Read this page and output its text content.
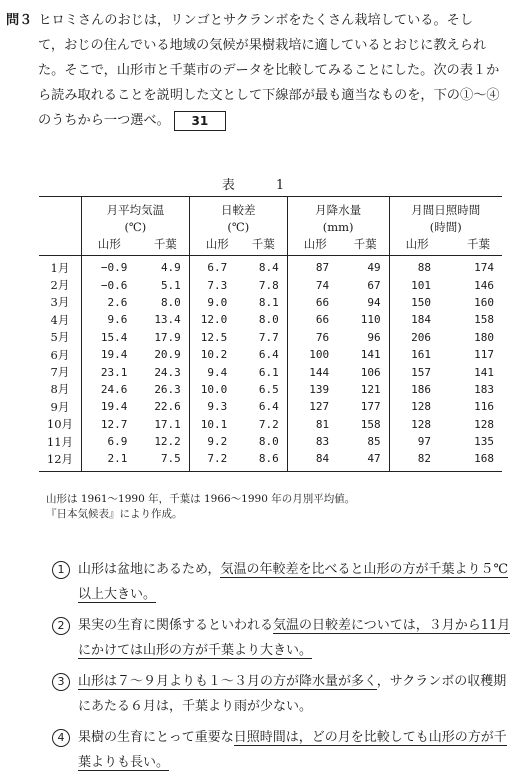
問３ ヒロミさんのおじは，リンゴとサクランボをたくさん栽培している。そし
て，おじの住んでいる地域の気候が果樹栽培に適しているとおじに教えられ
た。そこで，山形市と千葉市のデータを比較してみることにした。次の表１か
ら読み取れることを説明した文として下線部が最も適当なものを，下の①〜④
のうちから一つ選べ。 31
表　1
	月平均気温		日較差		月降水量		月間日照時間	
	(℃)		(℃)		(mm)		(時間)	
	山形	千葉	山形	千葉	山形	千葉	山形	千葉
1月	−0.9	4.9	6.7	8.4	87	49	88	174
2月	−0.6	5.1	7.3	7.8	74	67	101	146
3月	2.6	8.0	9.0	8.1	66	94	150	160
4月	9.6	13.4	12.0	8.0	66	110	184	158
5月	15.4	17.9	12.5	7.7	76	96	206	180
6月	19.4	20.9	10.2	6.4	100	141	161	117
7月	23.1	24.3	9.4	6.1	144	106	157	141
8月	24.6	26.3	10.0	6.5	139	121	186	183
9月	19.4	22.6	9.3	6.4	127	177	128	116
10月	12.7	17.1	10.1	7.2	81	158	128	128
11月	6.9	12.2	9.2	8.0	83	85	97	135
12月	2.1	7.5	7.2	8.6	84	47	82	168
山形は 1961〜1990 年，千葉は 1966〜1990 年の月別平均値。
『日本気候表』により作成。
1	山形は盆地にあるため，気温の年較差を比べると山形の方が千葉より５℃以上大きい。
2	果実の生育に関係するといわれる気温の日較差については，３月から11月にかけては山形の方が千葉より大きい。
3	山形は７〜９月よりも１〜３月の方が降水量が多く，サクランボの収穫期にあたる６月は，千葉より雨が少ない。
4	果樹の生育にとって重要な日照時間は，どの月を比較しても山形の方が千葉よりも長い。
